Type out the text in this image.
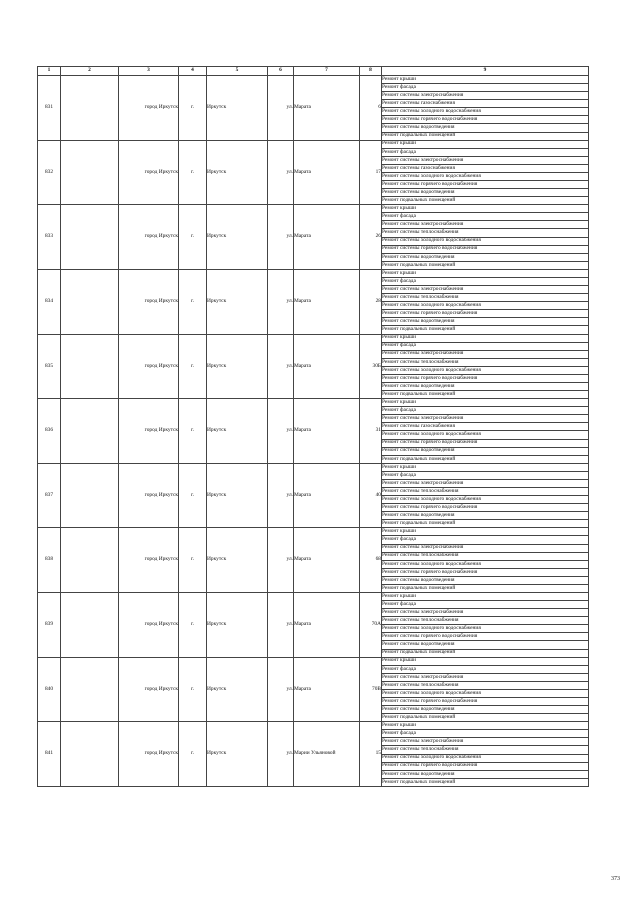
1	2	3	4	5	6	7	8	9
831		город Иркутск	г.	Иркутск	ул.	Марата	6	Ремонт крыши
								Ремонт фасада
								Ремонт системы электроснабжения
								Ремонт системы газоснабжения
								Ремонт системы холодного водоснабжения
								Ремонт системы горячего водоснабжения
								Ремонт системы водоотведения
								Ремонт подвальных помещений
832		город Иркутск	г.	Иркутск	ул.	Марата	17	Ремонт крыши
								Ремонт фасада
								Ремонт системы электроснабжения
								Ремонт системы газоснабжения
								Ремонт системы холодного водоснабжения
								Ремонт системы горячего водоснабжения
								Ремонт системы водоотведения
								Ремонт подвальных помещений
833		город Иркутск	г.	Иркутск	ул.	Марата	26	Ремонт крыши
								Ремонт фасада
								Ремонт системы электроснабжения
								Ремонт системы теплоснабжения
								Ремонт системы холодного водоснабжения
								Ремонт системы горячего водоснабжения
								Ремонт системы водоотведения
								Ремонт подвальных помещений
834		город Иркутск	г.	Иркутск	ул.	Марата	28	Ремонт крыши
								Ремонт фасада
								Ремонт системы электроснабжения
								Ремонт системы теплоснабжения
								Ремонт системы холодного водоснабжения
								Ремонт системы горячего водоснабжения
								Ремонт системы водоотведения
								Ремонт подвальных помещений
835		город Иркутск	г.	Иркутск	ул.	Марата	30Б	Ремонт крыши
								Ремонт фасада
								Ремонт системы электроснабжения
								Ремонт системы теплоснабжения
								Ремонт системы холодного водоснабжения
								Ремонт системы горячего водоснабжения
								Ремонт системы водоотведения
								Ремонт подвальных помещений
836		город Иркутск	г.	Иркутск	ул.	Марата	31	Ремонт крыши
								Ремонт фасада
								Ремонт системы электроснабжения
								Ремонт системы газоснабжения
								Ремонт системы холодного водоснабжения
								Ремонт системы горячего водоснабжения
								Ремонт системы водоотведения
								Ремонт подвальных помещений
837		город Иркутск	г.	Иркутск	ул.	Марата	40	Ремонт крыши
								Ремонт фасада
								Ремонт системы электроснабжения
								Ремонт системы теплоснабжения
								Ремонт системы холодного водоснабжения
								Ремонт системы горячего водоснабжения
								Ремонт системы водоотведения
								Ремонт подвальных помещений
838		город Иркутск	г.	Иркутск	ул.	Марата	68	Ремонт крыши
								Ремонт фасада
								Ремонт системы электроснабжения
								Ремонт системы теплоснабжения
								Ремонт системы холодного водоснабжения
								Ремонт системы горячего водоснабжения
								Ремонт системы водоотведения
								Ремонт подвальных помещений
839		город Иркутск	г.	Иркутск	ул.	Марата	70А	Ремонт крыши
								Ремонт фасада
								Ремонт системы электроснабжения
								Ремонт системы теплоснабжения
								Ремонт системы холодного водоснабжения
								Ремонт системы горячего водоснабжения
								Ремонт системы водоотведения
								Ремонт подвальных помещений
840		город Иркутск	г.	Иркутск	ул.	Марата	70В	Ремонт крыши
								Ремонт фасада
								Ремонт системы электроснабжения
								Ремонт системы теплоснабжения
								Ремонт системы холодного водоснабжения
								Ремонт системы горячего водоснабжения
								Ремонт системы водоотведения
								Ремонт подвальных помещений
841		город Иркутск	г.	Иркутск	ул.	Марии Ульяновой	15	Ремонт крыши
								Ремонт фасада
								Ремонт системы электроснабжения
								Ремонт системы теплоснабжения
								Ремонт системы холодного водоснабжения
								Ремонт системы горячего водоснабжения
								Ремонт системы водоотведения
								Ремонт подвальных помещений
373
